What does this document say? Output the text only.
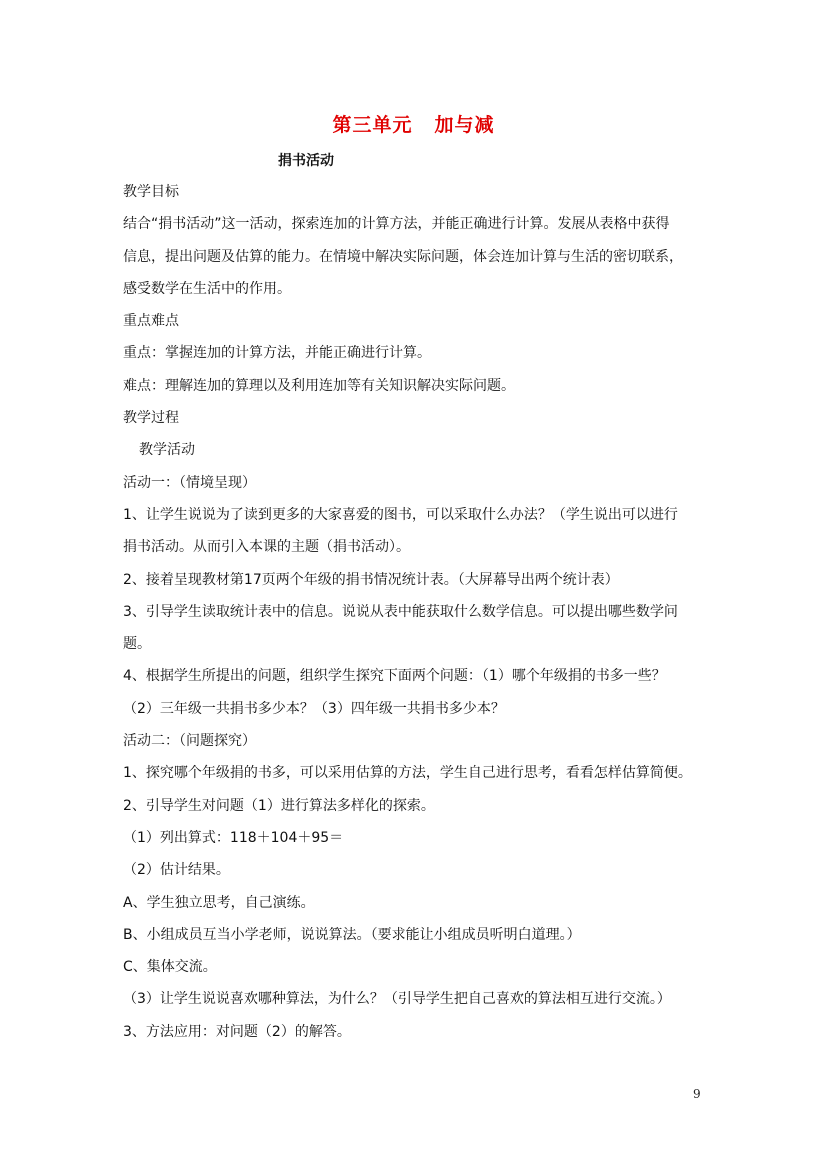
第三单元 加与减
捐书活动
教学目标
结合“捐书活动”这一活动，探索连加的计算方法，并能正确进行计算。发展从表格中获得
信息，提出问题及估算的能力。在情境中解决实际问题，体会连加计算与生活的密切联系，
感受数学在生活中的作用。
重点难点
重点：掌握连加的计算方法，并能正确进行计算。
难点：理解连加的算理以及利用连加等有关知识解决实际问题。
教学过程
教学活动
活动一：（情境呈现）
1、让学生说说为了读到更多的大家喜爱的图书，可以采取什么办法？（学生说出可以进行
捐书活动。从而引入本课的主题（捐书活动）。
2、接着呈现教材第17页两个年级的捐书情况统计表。（大屏幕导出两个统计表）
3、引导学生读取统计表中的信息。说说从表中能获取什么数学信息。可以提出哪些数学问
题。
4、根据学生所提出的问题，组织学生探究下面两个问题：（1）哪个年级捐的书多一些？
（2）三年级一共捐书多少本？（3）四年级一共捐书多少本？
活动二：（问题探究）
1、探究哪个年级捐的书多，可以采用估算的方法，学生自己进行思考，看看怎样估算简便。
2、引导学生对问题（1）进行算法多样化的探索。
（1）列出算式：118＋104＋95＝
（2）估计结果。
A、学生独立思考，自己演练。
B、小组成员互当小学老师，说说算法。（要求能让小组成员听明白道理。）
C、集体交流。
（3）让学生说说喜欢哪种算法，为什么？（引导学生把自己喜欢的算法相互进行交流。）
3、方法应用：对问题（2）的解答。
9
